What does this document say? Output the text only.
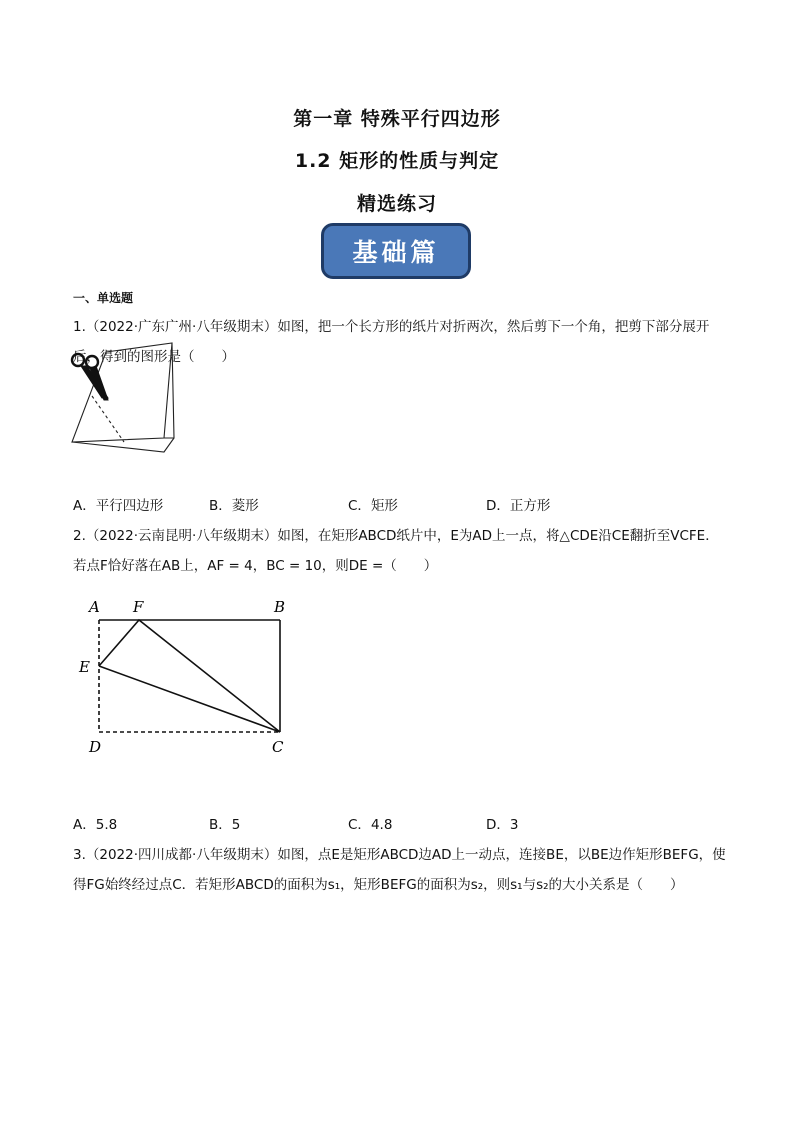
第一章 特殊平行四边形
1.2 矩形的性质与判定
精选练习
基础篇
一、单选题
1.（2022·广东广州·八年级期末）如图，把一个长方形的纸片对折两次，然后剪下一个角，把剪下部分展开后，得到的图形是（　　）
A．平行四边形	B．菱形	C．矩形	D．正方形
2.（2022·云南昆明·八年级期末）如图，在矩形ABCD纸片中，E为AD上一点，将△CDE沿CE翻折至VCFE．若点F恰好落在AB上，AF = 4，BC = 10，则DE =（　　）
A F	B
E
D	C
A．5.8	B．5	C．4.8	D．3
3.（2022·四川成都·八年级期末）如图，点E是矩形ABCD边AD上一动点，连接BE，以BE边作矩形BEFG，使得FG始终经过点C．若矩形ABCD的面积为s₁，矩形BEFG的面积为s₂，则s₁与s₂的大小关系是（　　）
